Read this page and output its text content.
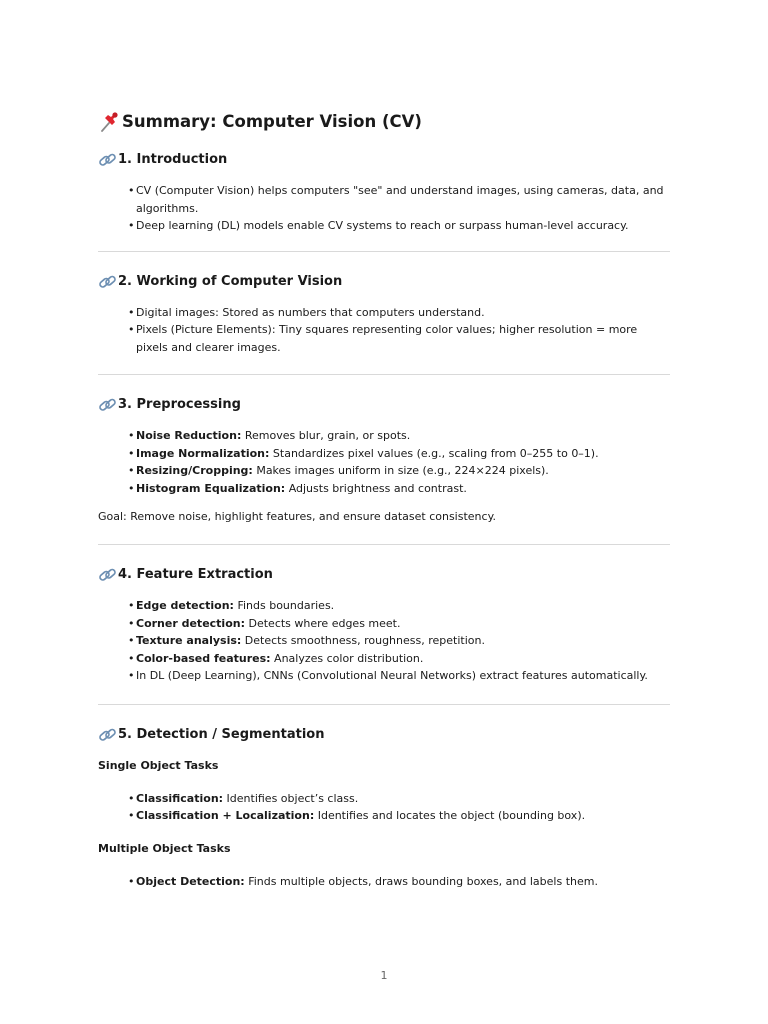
Summary: Computer Vision (CV)
1. Introduction
• CV (Computer Vision) helps computers "see" and understand images, using cameras, data, and algorithms.
• Deep learning (DL) models enable CV systems to reach or surpass human-level accuracy.
2. Working of Computer Vision
• Digital images: Stored as numbers that computers understand.
• Pixels (Picture Elements): Tiny squares representing color values; higher resolution = more pixels and clearer images.
3. Preprocessing
• Noise Reduction: Removes blur, grain, or spots.
• Image Normalization: Standardizes pixel values (e.g., scaling from 0–255 to 0–1).
• Resizing/Cropping: Makes images uniform in size (e.g., 224×224 pixels).
• Histogram Equalization: Adjusts brightness and contrast.

Goal: Remove noise, highlight features, and ensure dataset consistency.

4. Feature Extraction
• Edge detection: Finds boundaries.
• Corner detection: Detects where edges meet.
• Texture analysis: Detects smoothness, roughness, repetition.
• Color-based features: Analyzes color distribution.
• In DL (Deep Learning), CNNs (Convolutional Neural Networks) extract features automatically.
5. Detection / Segmentation

Single Object Tasks

• Classification: Identifies object’s class.
• Classification + Localization: Identifies and locates the object (bounding box).

Multiple Object Tasks

• Object Detection: Finds multiple objects, draws bounding boxes, and labels them.
1
